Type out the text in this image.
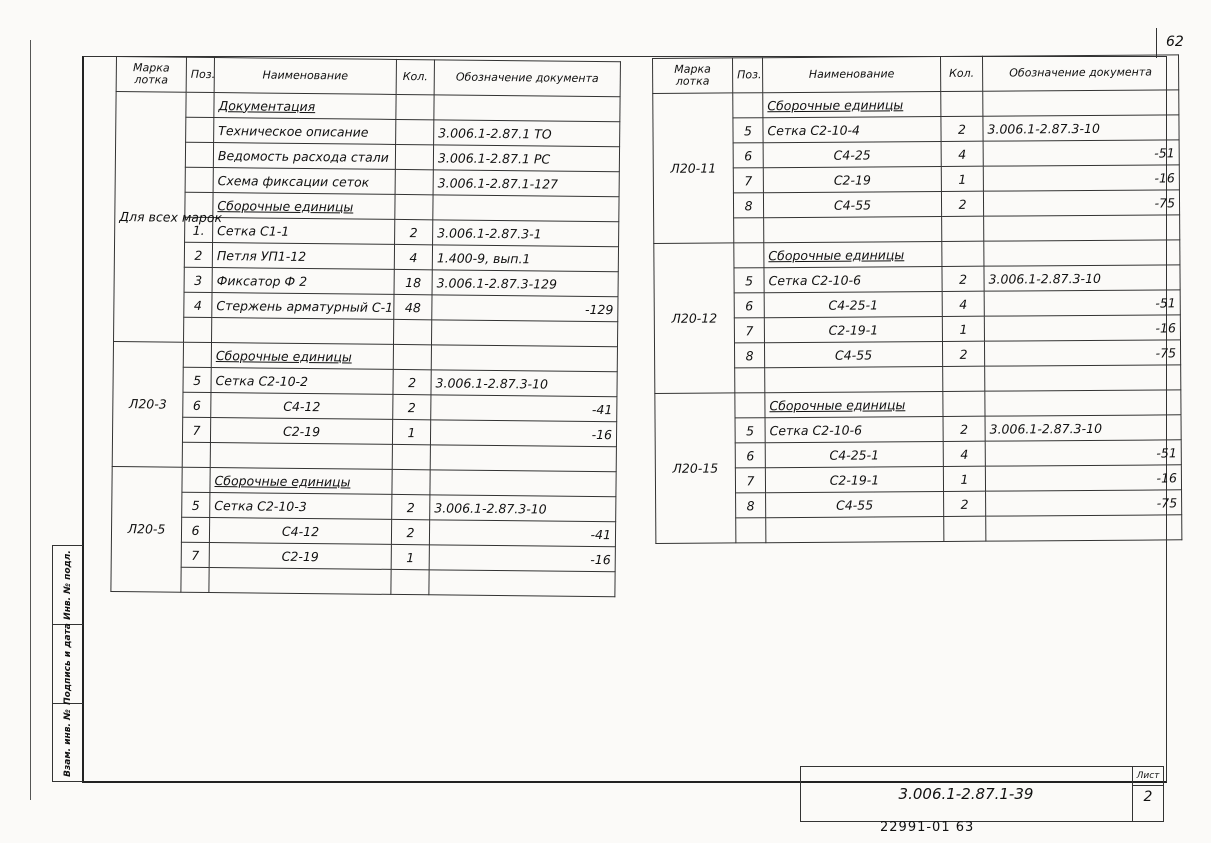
62
Инв. № подл.
Подпись и дата
Взам. инв. №
Марка лотка	Поз.	Наименование	Кол.	Обозначение документа
Для всех марок		Документация		
		Техническое описание		3.006.1-2.87.1 ТО
		Ведомость расхода стали		3.006.1-2.87.1 РС
		Схема фиксации сеток		3.006.1-2.87.1-127
		Сборочные единицы		
	1.	Сетка С1-1	2	3.006.1-2.87.3-1
	2	Петля УП1-12	4	1.400-9, вып.1
	3	Фиксатор Ф 2	18	3.006.1-2.87.3-129
	4	Стержень арматурный С-1	48	-129

Л20-3		Сборочные единицы		
	5	Сетка С2-10-2	2	3.006.1-2.87.3-10
	6	С4-12	2	-41
	7	С2-19	1	-16

Л20-5		Сборочные единицы		
	5	Сетка С2-10-3	2	3.006.1-2.87.3-10
	6	С4-12	2	-41
	7	С2-19	1	-16

Марка лотка	Поз.	Наименование	Кол.	Обозначение документа
Л20-11		Сборочные единицы		
	5	Сетка С2-10-4	2	3.006.1-2.87.3-10
	6	С4-25	4	-51
	7	С2-19	1	-16
	8	С4-55	2	-75

Л20-12		Сборочные единицы		
	5	Сетка С2-10-6	2	3.006.1-2.87.3-10
	6	С4-25-1	4	-51
	7	С2-19-1	1	-16
	8	С4-55	2	-75

Л20-15		Сборочные единицы		
	5	Сетка С2-10-6	2	3.006.1-2.87.3-10
	6	С4-25-1	4	-51
	7	С2-19-1	1	-16
	8	С4-55	2	-75

3.006.1-2.87.1-39
Лист
2
22991-01 63
